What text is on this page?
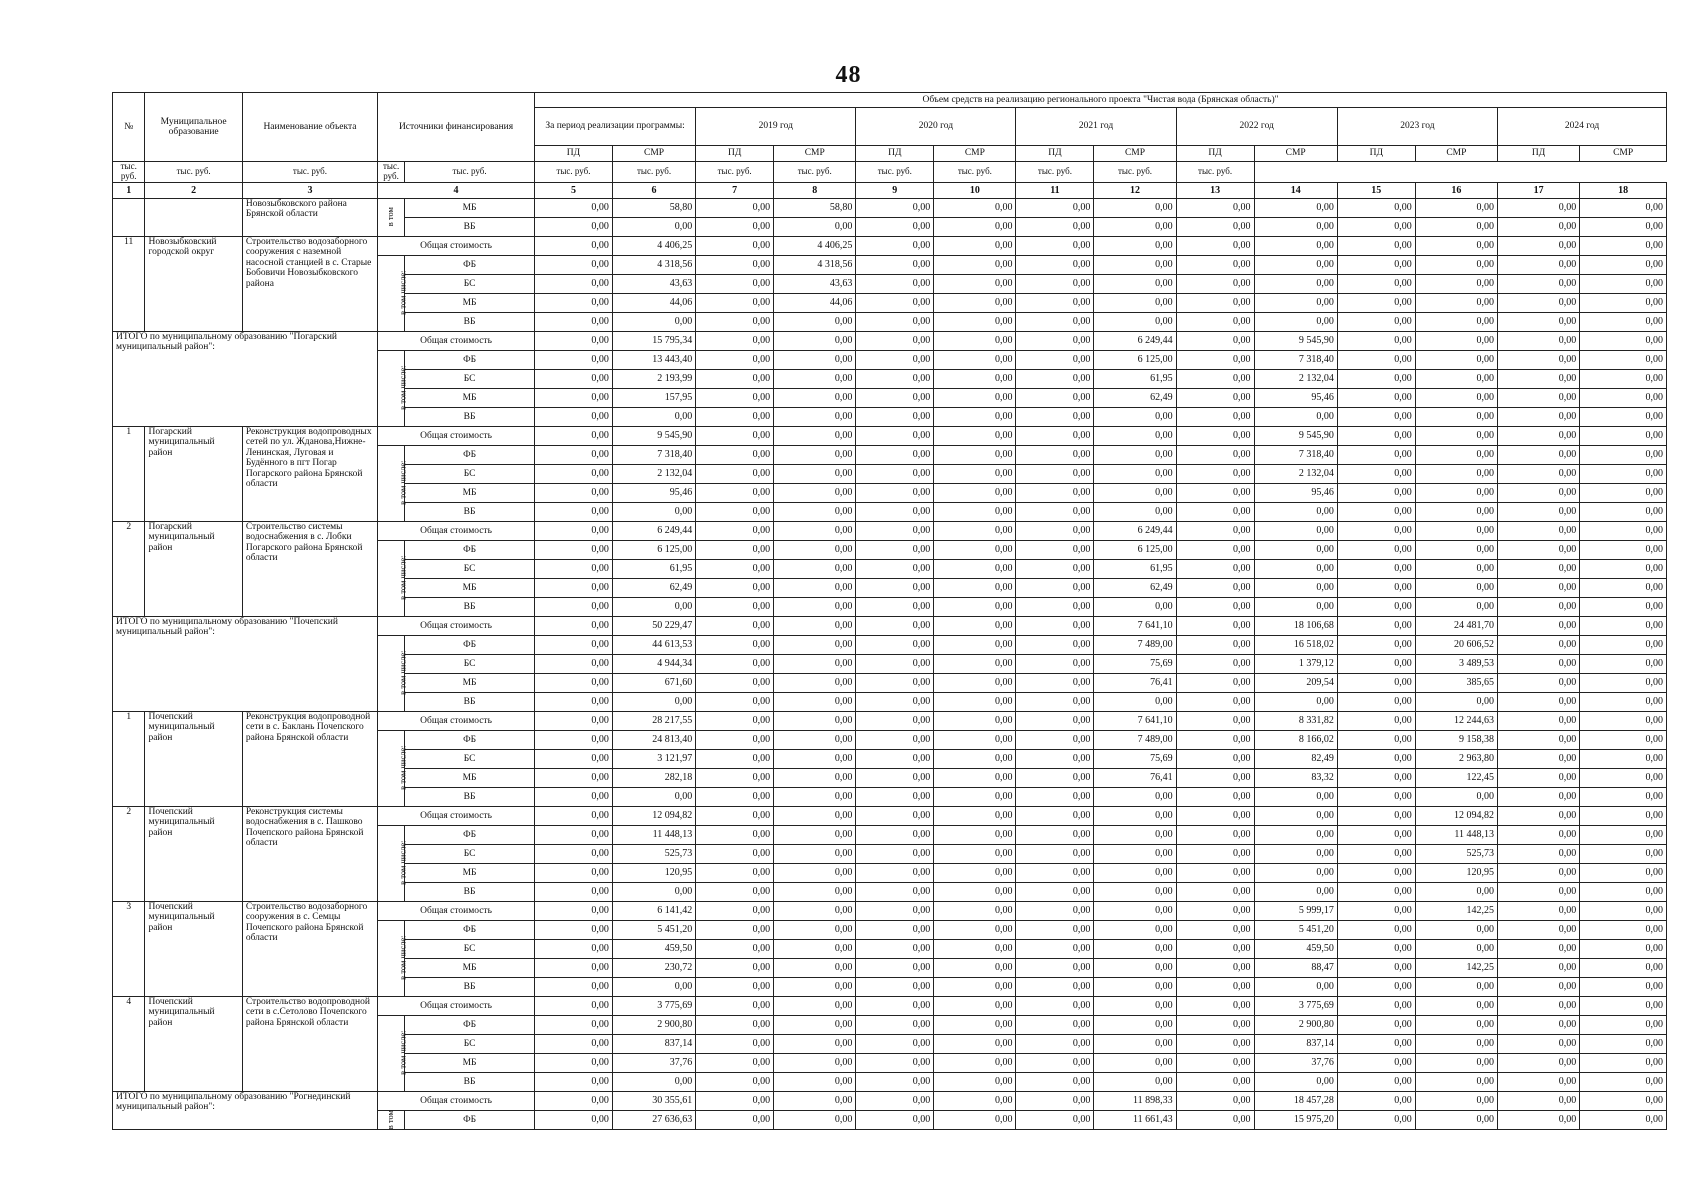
48
№	Муниципальное образование	Наименование объекта	Источники финансирования		Объем средств на реализацию регионального проекта "Чистая вода (Брянская область)"													
					За период реализации программы:		2019 год		2020 год		2021 год		2022 год		2023 год		2024 год	
					ПД	СМР	ПД	СМР	ПД	СМР	ПД	СМР	ПД	СМР	ПД	СМР	ПД	СМР
тыс. руб.	тыс. руб.	тыс. руб.	тыс. руб.	тыс. руб.	тыс. руб.	тыс. руб.	тыс. руб.	тыс. руб.	тыс. руб.	тыс. руб.	тыс. руб.	тыс. руб.	тыс. руб.					
1	2	3	4		5	6	7	8	9	10	11	12	13	14	15	16	17	18
		Новозыбковского района Брянской области	в том	МБ	0,00	58,80	0,00	58,80	0,00	0,00	0,00	0,00	0,00	0,00	0,00	0,00	0,00	0,00
				ВБ	0,00	0,00	0,00	0,00	0,00	0,00	0,00	0,00	0,00	0,00	0,00	0,00	0,00	0,00
11	Новозыбковский городской округ	Строительство водозаборного сооружения с наземной насосной станцией в с. Старые Бобовичи Новозыбковского района	Общая стоимость		0,00	4 406,25	0,00	4 406,25	0,00	0,00	0,00	0,00	0,00	0,00	0,00	0,00	0,00	0,00
			в том числе:	ФБ	0,00	4 318,56	0,00	4 318,56	0,00	0,00	0,00	0,00	0,00	0,00	0,00	0,00	0,00	0,00
				БС	0,00	43,63	0,00	43,63	0,00	0,00	0,00	0,00	0,00	0,00	0,00	0,00	0,00	0,00
				МБ	0,00	44,06	0,00	44,06	0,00	0,00	0,00	0,00	0,00	0,00	0,00	0,00	0,00	0,00
				ВБ	0,00	0,00	0,00	0,00	0,00	0,00	0,00	0,00	0,00	0,00	0,00	0,00	0,00	0,00
ИТОГО по муниципальному образованию "Погарский муниципальный район":			Общая стоимость		0,00	15 795,34	0,00	0,00	0,00	0,00	0,00	6 249,44	0,00	9 545,90	0,00	0,00	0,00	0,00
			в том числе:	ФБ	0,00	13 443,40	0,00	0,00	0,00	0,00	0,00	6 125,00	0,00	7 318,40	0,00	0,00	0,00	0,00
				БС	0,00	2 193,99	0,00	0,00	0,00	0,00	0,00	61,95	0,00	2 132,04	0,00	0,00	0,00	0,00
				МБ	0,00	157,95	0,00	0,00	0,00	0,00	0,00	62,49	0,00	95,46	0,00	0,00	0,00	0,00
				ВБ	0,00	0,00	0,00	0,00	0,00	0,00	0,00	0,00	0,00	0,00	0,00	0,00	0,00	0,00
1	Погарский муниципальный район	Реконструкция водопроводных сетей по ул. Жданова,Нижне-Ленинская, Луговая и Будённого в пгт Погар Погарского района Брянской области	Общая стоимость		0,00	9 545,90	0,00	0,00	0,00	0,00	0,00	0,00	0,00	9 545,90	0,00	0,00	0,00	0,00
			в том числе:	ФБ	0,00	7 318,40	0,00	0,00	0,00	0,00	0,00	0,00	0,00	7 318,40	0,00	0,00	0,00	0,00
				БС	0,00	2 132,04	0,00	0,00	0,00	0,00	0,00	0,00	0,00	2 132,04	0,00	0,00	0,00	0,00
				МБ	0,00	95,46	0,00	0,00	0,00	0,00	0,00	0,00	0,00	95,46	0,00	0,00	0,00	0,00
				ВБ	0,00	0,00	0,00	0,00	0,00	0,00	0,00	0,00	0,00	0,00	0,00	0,00	0,00	0,00
2	Погарский муниципальный район	Строительство системы водоснабжения в с. Лобки Погарского района Брянской области	Общая стоимость		0,00	6 249,44	0,00	0,00	0,00	0,00	0,00	6 249,44	0,00	0,00	0,00	0,00	0,00	0,00
			в том числе:	ФБ	0,00	6 125,00	0,00	0,00	0,00	0,00	0,00	6 125,00	0,00	0,00	0,00	0,00	0,00	0,00
				БС	0,00	61,95	0,00	0,00	0,00	0,00	0,00	61,95	0,00	0,00	0,00	0,00	0,00	0,00
				МБ	0,00	62,49	0,00	0,00	0,00	0,00	0,00	62,49	0,00	0,00	0,00	0,00	0,00	0,00
				ВБ	0,00	0,00	0,00	0,00	0,00	0,00	0,00	0,00	0,00	0,00	0,00	0,00	0,00	0,00
ИТОГО по муниципальному образованию "Почепский муниципальный район":			Общая стоимость		0,00	50 229,47	0,00	0,00	0,00	0,00	0,00	7 641,10	0,00	18 106,68	0,00	24 481,70	0,00	0,00
			в том числе:	ФБ	0,00	44 613,53	0,00	0,00	0,00	0,00	0,00	7 489,00	0,00	16 518,02	0,00	20 606,52	0,00	0,00
				БС	0,00	4 944,34	0,00	0,00	0,00	0,00	0,00	75,69	0,00	1 379,12	0,00	3 489,53	0,00	0,00
				МБ	0,00	671,60	0,00	0,00	0,00	0,00	0,00	76,41	0,00	209,54	0,00	385,65	0,00	0,00
				ВБ	0,00	0,00	0,00	0,00	0,00	0,00	0,00	0,00	0,00	0,00	0,00	0,00	0,00	0,00
1	Почепский муниципальный район	Реконструкция водопроводной сети в с. Баклань Почепского района Брянской области	Общая стоимость		0,00	28 217,55	0,00	0,00	0,00	0,00	0,00	7 641,10	0,00	8 331,82	0,00	12 244,63	0,00	0,00
			в том числе:	ФБ	0,00	24 813,40	0,00	0,00	0,00	0,00	0,00	7 489,00	0,00	8 166,02	0,00	9 158,38	0,00	0,00
				БС	0,00	3 121,97	0,00	0,00	0,00	0,00	0,00	75,69	0,00	82,49	0,00	2 963,80	0,00	0,00
				МБ	0,00	282,18	0,00	0,00	0,00	0,00	0,00	76,41	0,00	83,32	0,00	122,45	0,00	0,00
				ВБ	0,00	0,00	0,00	0,00	0,00	0,00	0,00	0,00	0,00	0,00	0,00	0,00	0,00	0,00
2	Почепский муниципальный район	Реконструкция системы водоснабжения в с. Пашково Почепского района Брянской области	Общая стоимость		0,00	12 094,82	0,00	0,00	0,00	0,00	0,00	0,00	0,00	0,00	0,00	12 094,82	0,00	0,00
			в том числе:	ФБ	0,00	11 448,13	0,00	0,00	0,00	0,00	0,00	0,00	0,00	0,00	0,00	11 448,13	0,00	0,00
				БС	0,00	525,73	0,00	0,00	0,00	0,00	0,00	0,00	0,00	0,00	0,00	525,73	0,00	0,00
				МБ	0,00	120,95	0,00	0,00	0,00	0,00	0,00	0,00	0,00	0,00	0,00	120,95	0,00	0,00
				ВБ	0,00	0,00	0,00	0,00	0,00	0,00	0,00	0,00	0,00	0,00	0,00	0,00	0,00	0,00
3	Почепский муниципальный район	Строительство водозаборного сооружения в с. Семцы Почепского района Брянской области	Общая стоимость		0,00	6 141,42	0,00	0,00	0,00	0,00	0,00	0,00	0,00	5 999,17	0,00	142,25	0,00	0,00
			в том числе:	ФБ	0,00	5 451,20	0,00	0,00	0,00	0,00	0,00	0,00	0,00	5 451,20	0,00	0,00	0,00	0,00
				БС	0,00	459,50	0,00	0,00	0,00	0,00	0,00	0,00	0,00	459,50	0,00	0,00	0,00	0,00
				МБ	0,00	230,72	0,00	0,00	0,00	0,00	0,00	0,00	0,00	88,47	0,00	142,25	0,00	0,00
				ВБ	0,00	0,00	0,00	0,00	0,00	0,00	0,00	0,00	0,00	0,00	0,00	0,00	0,00	0,00
4	Почепский муниципальный район	Строительство водопроводной сети в с.Сетолово Почепского района Брянской области	Общая стоимость		0,00	3 775,69	0,00	0,00	0,00	0,00	0,00	0,00	0,00	3 775,69	0,00	0,00	0,00	0,00
			в том числе:	ФБ	0,00	2 900,80	0,00	0,00	0,00	0,00	0,00	0,00	0,00	2 900,80	0,00	0,00	0,00	0,00
				БС	0,00	837,14	0,00	0,00	0,00	0,00	0,00	0,00	0,00	837,14	0,00	0,00	0,00	0,00
				МБ	0,00	37,76	0,00	0,00	0,00	0,00	0,00	0,00	0,00	37,76	0,00	0,00	0,00	0,00
				ВБ	0,00	0,00	0,00	0,00	0,00	0,00	0,00	0,00	0,00	0,00	0,00	0,00	0,00	0,00
ИТОГО по муниципальному образованию "Рогнединский муниципальный район":			Общая стоимость		0,00	30 355,61	0,00	0,00	0,00	0,00	0,00	11 898,33	0,00	18 457,28	0,00	0,00	0,00	0,00
			в том	ФБ	0,00	27 636,63	0,00	0,00	0,00	0,00	0,00	11 661,43	0,00	15 975,20	0,00	0,00	0,00	0,00
